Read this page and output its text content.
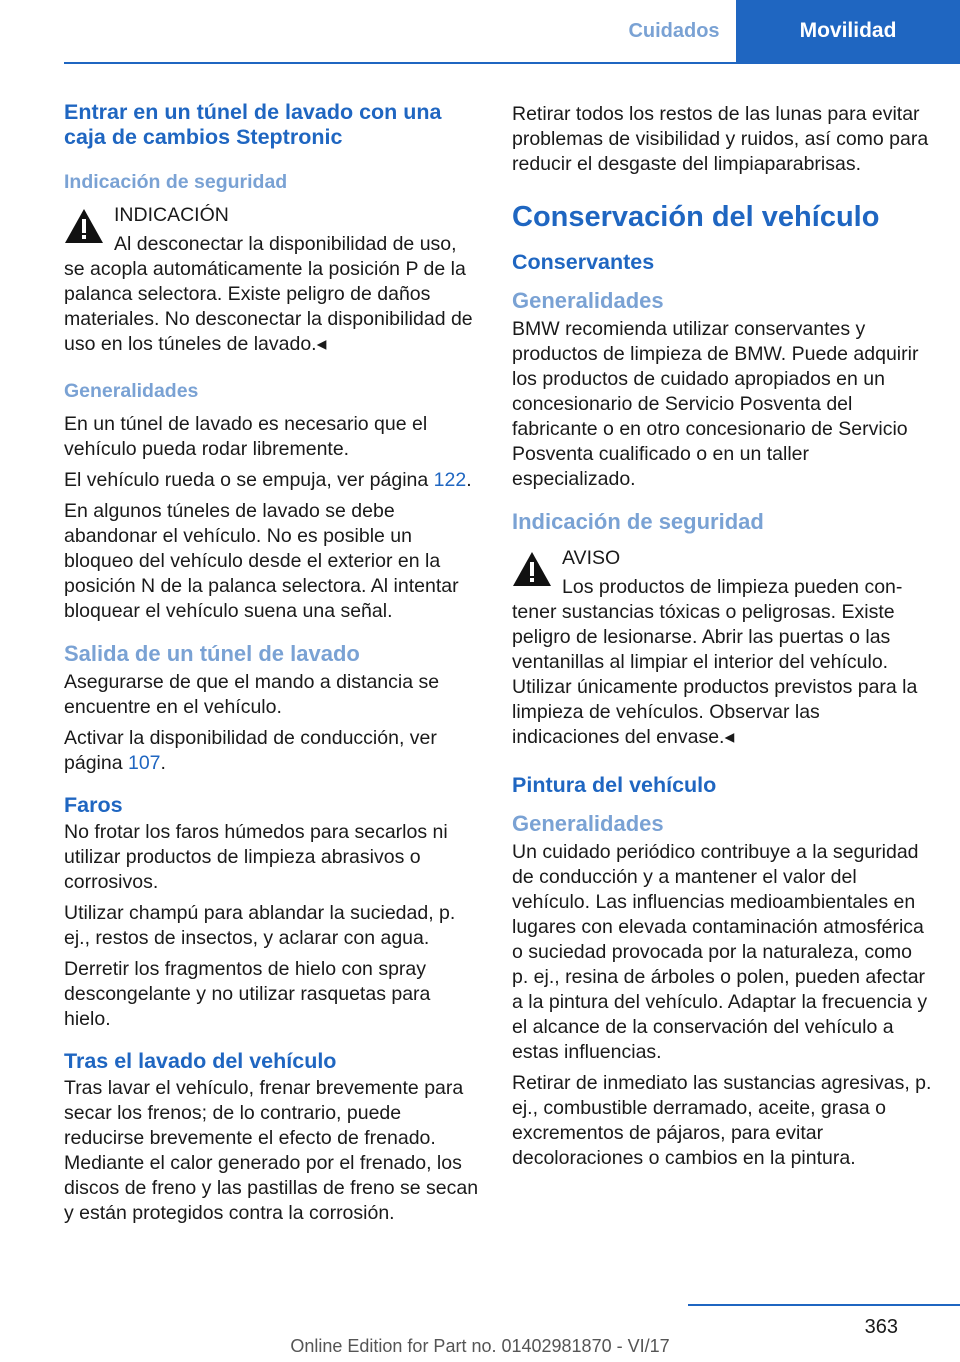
Cuidados	Movilidad
Entrar en un túnel de lavado con una caja de cambios Steptronic
Indicación de seguridad

INDICACIÓN

Al desconectar la disponibilidad de uso,

se acopla automáticamente la posición P de la palanca selectora. Existe peligro de daños materiales. No desconectar la disponibilidad de uso en los túneles de lavado.◂

Generalidades

En un túnel de lavado es necesario que el vehículo pueda rodar libremente.

El vehículo rueda o se empuja, ver página 122.

En algunos túneles de lavado se debe abandonar el vehículo. No es posible un bloqueo del vehículo desde el exterior en la posición N de la palanca selectora. Al intentar bloquear el vehículo suena una señal.

Salida de un túnel de lavado

Asegurarse de que el mando a distancia se encuentre en el vehículo.

Activar la disponibilidad de conducción, ver página 107.

Faros

No frotar los faros húmedos para secarlos ni utilizar productos de limpieza abrasivos o corrosivos.

Utilizar champú para ablandar la suciedad, p. ej., restos de insectos, y aclarar con agua.

Derretir los fragmentos de hielo con spray descongelante y no utilizar rasquetas para hielo.

Tras el lavado del vehículo

Tras lavar el vehículo, frenar brevemente para secar los frenos; de lo contrario, puede reducirse brevemente el efecto de frenado. Mediante el calor generado por el frenado, los discos de freno y las pastillas de freno se secan y están protegidos contra la corrosión.

Retirar todos los restos de las lunas para evitar problemas de visibilidad y ruidos, así como para reducir el desgaste del limpiaparabrisas.

Conservación del vehículo
Conservantes
Generalidades

BMW recomienda utilizar conservantes y productos de limpieza de BMW. Puede adquirir los productos de cuidado apropiados en un concesionario de Servicio Posventa del fabricante o en otro concesionario de Servicio Posventa cualificado o en un taller especializado.

Indicación de seguridad

AVISO

Los productos de limpieza pueden con-

tener sustancias tóxicas o peligrosas. Existe peligro de lesionarse. Abrir las puertas o las ventanillas al limpiar el interior del vehículo. Utilizar únicamente productos previstos para la limpieza de vehículos. Observar las indicaciones del envase.◂

Pintura del vehículo
Generalidades

Un cuidado periódico contribuye a la seguridad de conducción y a mantener el valor del vehículo. Las influencias medioambientales en lugares con elevada contaminación atmosférica o suciedad provocada por la naturaleza, como p. ej., resina de árboles o polen, pueden afectar a la pintura del vehículo. Adaptar la frecuencia y el alcance de la conservación del vehículo a estas influencias.

Retirar de inmediato las sustancias agresivas, p. ej., combustible derramado, aceite, grasa o excrementos de pájaros, para evitar decoloraciones o cambios en la pintura.

363
Online Edition for Part no. 01402981870 - VI/17
